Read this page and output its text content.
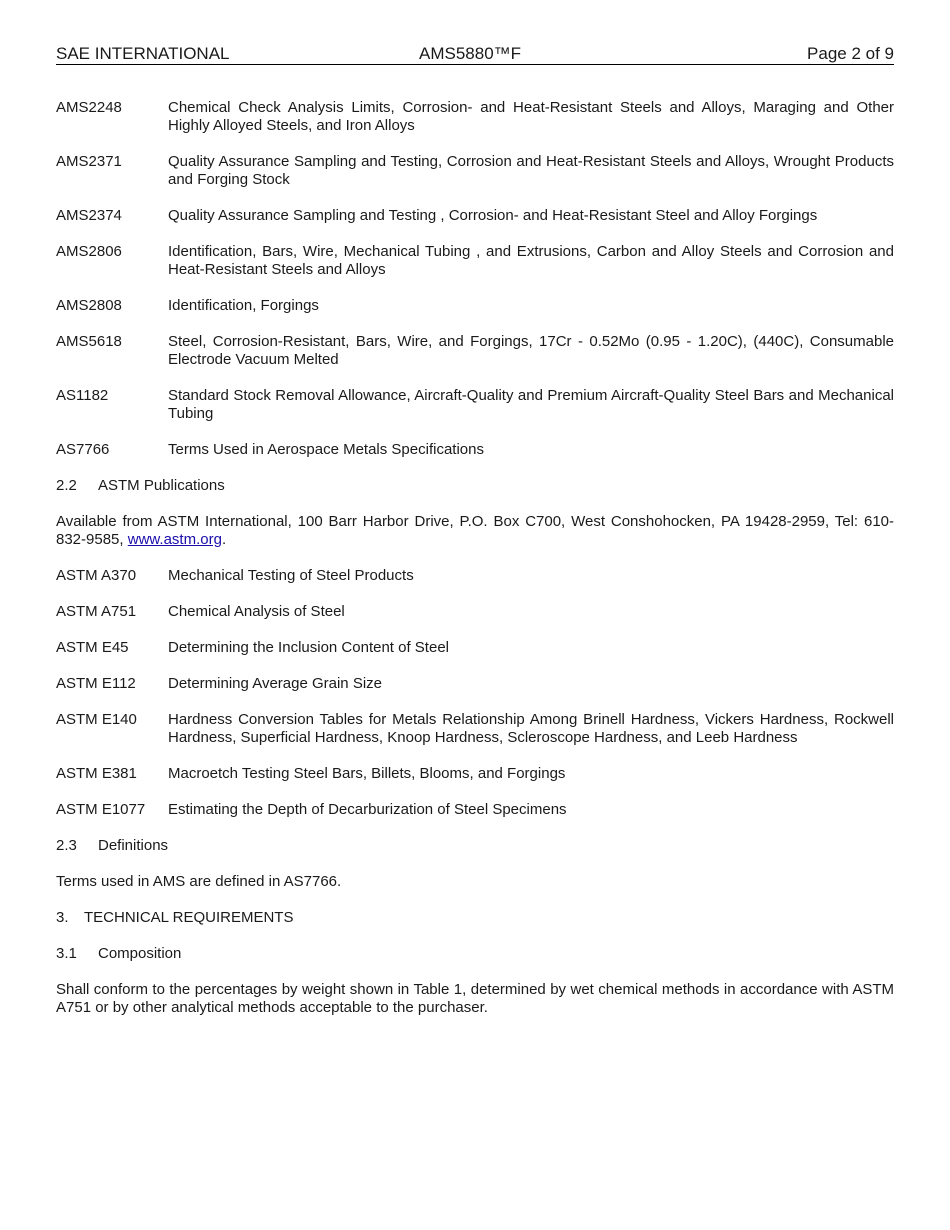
SAE INTERNATIONAL	AMS5880™F	Page 2 of 9
AMS2248	Chemical Check Analysis Limits, Corrosion- and Heat-Resistant Steels and Alloys, Maraging and Other Highly Alloyed Steels, and Iron Alloys
AMS2371	Quality Assurance Sampling and Testing, Corrosion and Heat-Resistant Steels and Alloys, Wrought Products and Forging Stock
AMS2374	Quality Assurance Sampling and Testing , Corrosion- and Heat-Resistant Steel and Alloy Forgings
AMS2806	Identification, Bars, Wire, Mechanical Tubing , and Extrusions, Carbon and Alloy Steels and Corrosion and Heat-Resistant Steels and Alloys
AMS2808	Identification, Forgings
AMS5618	Steel, Corrosion-Resistant, Bars, Wire, and Forgings, 17Cr - 0.52Mo (0.95 - 1.20C), (440C), Consumable Electrode Vacuum Melted
AS1182	Standard Stock Removal Allowance, Aircraft-Quality and Premium Aircraft-Quality Steel Bars and Mechanical Tubing
AS7766	Terms Used in Aerospace Metals Specifications
2.2 ASTM Publications
Available from ASTM International, 100 Barr Harbor Drive, P.O. Box C700, West Conshohocken, PA 19428-2959, Tel: 610-832-9585, www.astm.org.
ASTM A370	Mechanical Testing of Steel Products
ASTM A751	Chemical Analysis of Steel
ASTM E45	Determining the Inclusion Content of Steel
ASTM E112	Determining Average Grain Size
ASTM E140	Hardness Conversion Tables for Metals Relationship Among Brinell Hardness, Vickers Hardness, Rockwell Hardness, Superficial Hardness, Knoop Hardness, Scleroscope Hardness, and Leeb Hardness
ASTM E381	Macroetch Testing Steel Bars, Billets, Blooms, and Forgings
ASTM E1077	Estimating the Depth of Decarburization of Steel Specimens
2.3 Definitions
Terms used in AMS are defined in AS7766.
3. TECHNICAL REQUIREMENTS
3.1 Composition
Shall conform to the percentages by weight shown in Table 1, determined by wet chemical methods in accordance with ASTM A751 or by other analytical methods acceptable to the purchaser.
